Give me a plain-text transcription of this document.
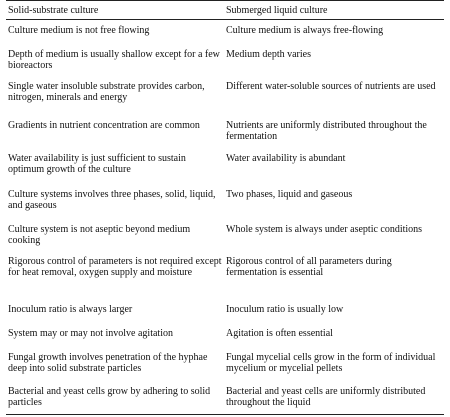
Solid-substrate culture	Submerged liquid culture
Culture medium is not free flowing	Culture medium is always free-flowing
Depth of medium is usually shallow except for a few bioreactors	Medium depth varies
Single water insoluble substrate provides carbon, nitrogen, minerals and energy	Different water-soluble sources of nutrients are used
Gradients in nutrient concentration are common	Nutrients are uniformly distributed throughout the fermentation
Water availability is just sufficient to sustain optimum growth of the culture	Water availability is abundant
Culture systems involves three phases, solid, liquid, and gaseous	Two phases, liquid and gaseous
Culture system is not aseptic beyond medium cooking	Whole system is always under aseptic conditions
Rigorous control of parameters is not required except for heat removal, oxygen supply and moisture	Rigorous control of all parameters during fermentation is essential
Inoculum ratio is always larger	Inoculum ratio is usually low
System may or may not involve agitation	Agitation is often essential
Fungal growth involves penetration of the hyphae deep into solid substrate particles	Fungal mycelial cells grow in the form of individual mycelium or mycelial pellets
Bacterial and yeast cells grow by adhering to solid particles	Bacterial and yeast cells are uniformly distributed throughout the liquid
